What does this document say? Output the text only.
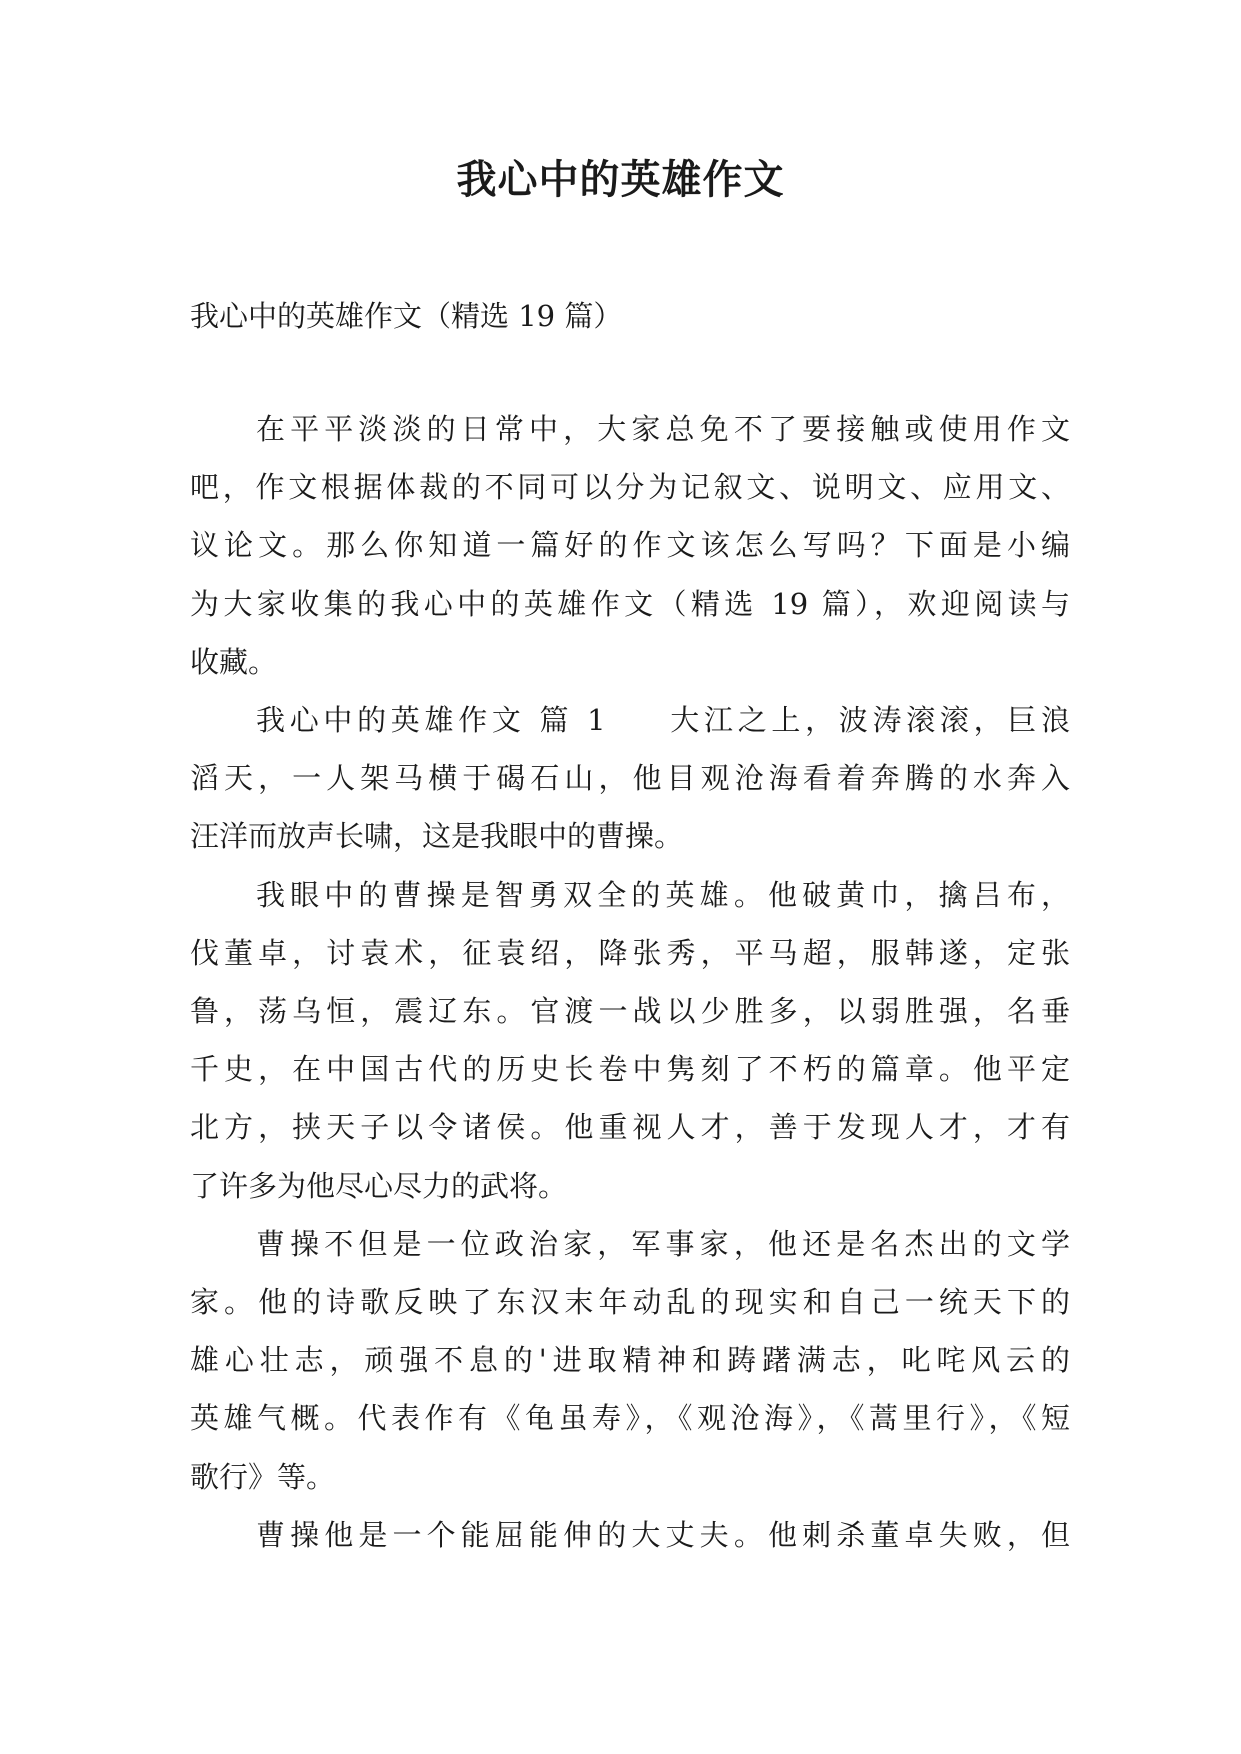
我心中的英雄作文
我心中的英雄作文（精选 19 篇）

在平平淡淡的日常中，大家总免不了要接触或使用作文
吧，作文根据体裁的不同可以分为记叙文、说明文、应用文、
议论文。那么你知道一篇好的作文该怎么写吗？下面是小编
为大家收集的我心中的英雄作文（精选 19 篇），欢迎阅读与
收藏。

我心中的英雄作文 篇 1 大江之上，波涛滚滚，巨浪
滔天，一人架马横于碣石山，他目观沧海看着奔腾的水奔入
汪洋而放声长啸，这是我眼中的曹操。

我眼中的曹操是智勇双全的英雄。他破黄巾，擒吕布，
伐董卓，讨袁术，征袁绍，降张秀，平马超，服韩遂，定张
鲁，荡乌恒，震辽东。官渡一战以少胜多，以弱胜强，名垂
千史，在中国古代的历史长卷中隽刻了不朽的篇章。他平定
北方，挟天子以令诸侯。他重视人才，善于发现人才，才有
了许多为他尽心尽力的武将。

曹操不但是一位政治家，军事家，他还是名杰出的文学
家。他的诗歌反映了东汉末年动乱的现实和自己一统天下的
雄心壮志，顽强不息的'进取精神和踌躇满志，叱咤风云的
英雄气概。代表作有《龟虽寿》，《观沧海》，《蒿里行》，《短
歌行》等。

曹操他是一个能屈能伸的大丈夫。他刺杀董卓失败，但
